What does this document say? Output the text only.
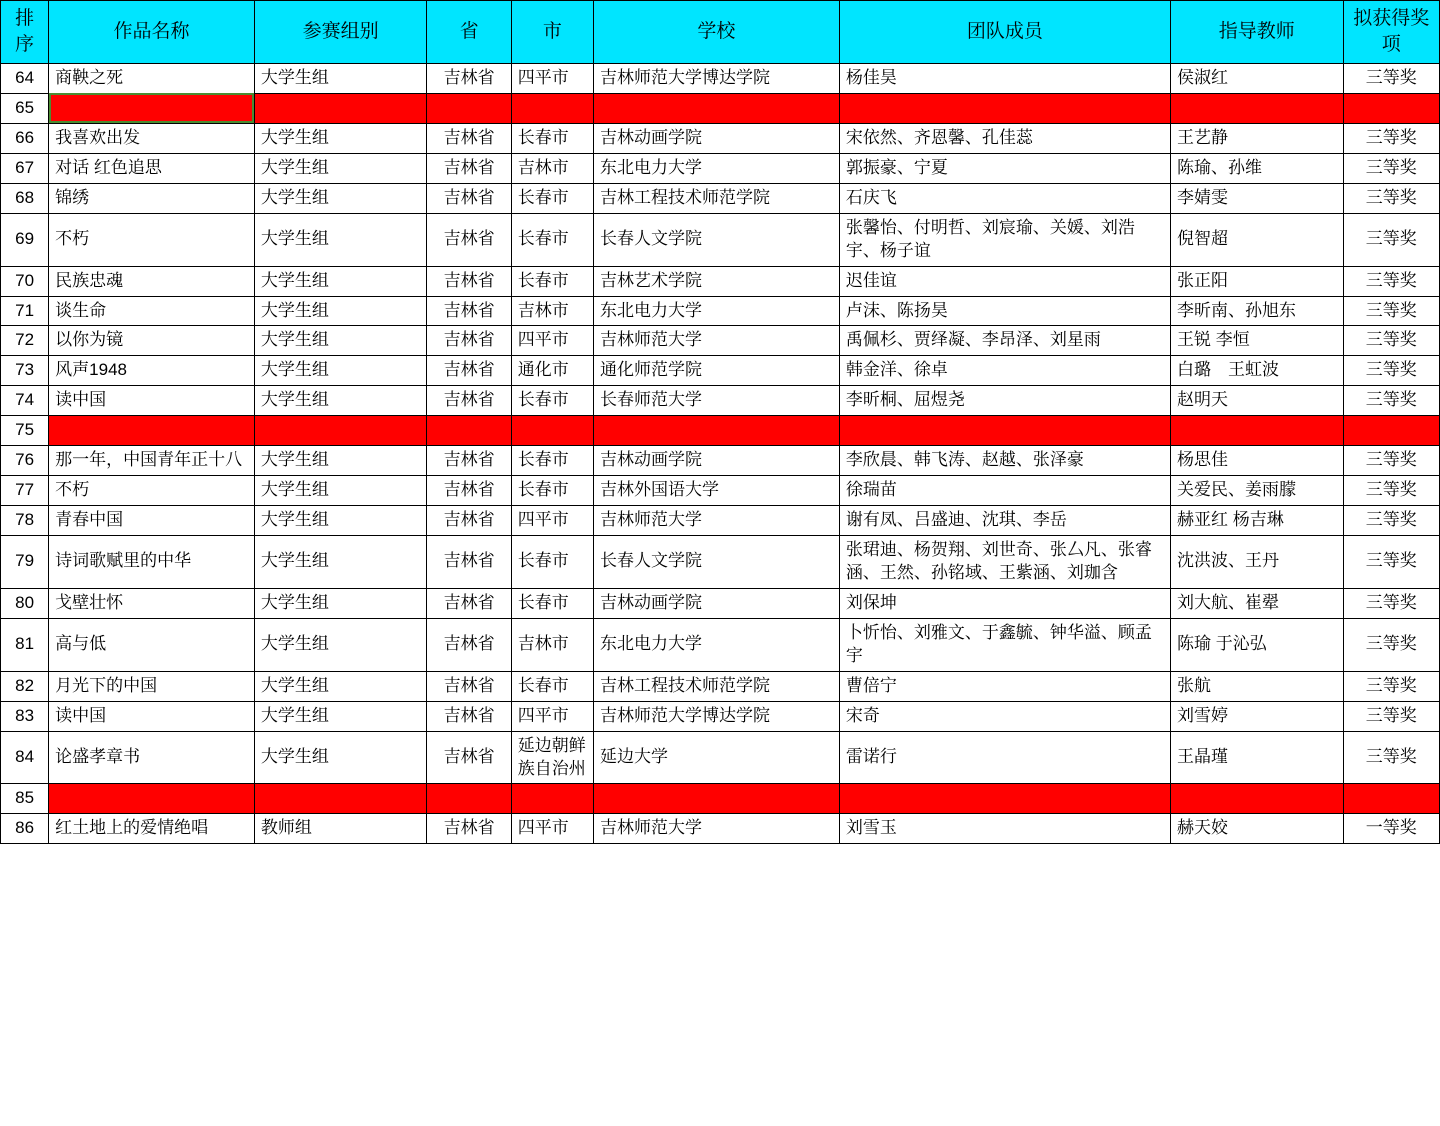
排序	作品名称	参赛组别	省	市	学校	团队成员	指导教师	拟获得奖项
64	商鞅之死	大学生组	吉林省	四平市	吉林师范大学博达学院	杨佳昊	侯淑红	三等奖
65	在欢呼的人群中	大学生组	吉林省	长春市	长春工业大学人文信息学院	王心语	李振坤、徐筱婷	三等奖
66	我喜欢出发	大学生组	吉林省	长春市	吉林动画学院	宋依然、齐恩馨、孔佳蕊	王艺静	三等奖
67	对话 红色追思	大学生组	吉林省	吉林市	东北电力大学	郭振豪、宁夏	陈瑜、孙维	三等奖
68	锦绣	大学生组	吉林省	长春市	吉林工程技术师范学院	石庆飞	李婧雯	三等奖
69	不朽	大学生组	吉林省	长春市	长春人文学院	张馨怡、付明哲、刘宸瑜、关媛、刘浩宇、杨子谊	倪智超	三等奖
70	民族忠魂	大学生组	吉林省	长春市	吉林艺术学院	迟佳谊	张正阳	三等奖
71	谈生命	大学生组	吉林省	吉林市	东北电力大学	卢沫、陈扬昊	李昕南、孙旭东	三等奖
72	以你为镜	大学生组	吉林省	四平市	吉林师范大学	禹佩杉、贾绎凝、李昂泽、刘星雨	王锐 李恒	三等奖
73	风声1948	大学生组	吉林省	通化市	通化师范学院	韩金洋、徐卓	白璐　王虹波	三等奖
74	读中国	大学生组	吉林省	长春市	长春师范大学	李昕桐、屈煜尧	赵明天	三等奖
75	青春中国	大学生组	吉林省	长春市	长春工业大学人文信息学院	王心语、符宇杰、高健博、林伟腾	李振坤、徐筱婷	三等奖
76	那一年，中国青年正十八	大学生组	吉林省	长春市	吉林动画学院	李欣晨、韩飞涛、赵越、张泽豪	杨思佳	三等奖
77	不朽	大学生组	吉林省	长春市	吉林外国语大学	徐瑞苗	关爱民、姜雨朦	三等奖
78	青春中国	大学生组	吉林省	四平市	吉林师范大学	谢有凤、吕盛迪、沈琪、李岳	赫亚红 杨吉琳	三等奖
79	诗词歌赋里的中华	大学生组	吉林省	长春市	长春人文学院	张珺迪、杨贺翔、刘世奇、张厶凡、张睿涵、王然、孙铭域、王紫涵、刘珈含	沈洪波、王丹	三等奖
80	戈壁壮怀	大学生组	吉林省	长春市	吉林动画学院	刘保坤	刘大航、崔翚	三等奖
81	高与低	大学生组	吉林省	吉林市	东北电力大学	卜忻怡、刘雅文、于鑫毓、钟华溢、顾孟宇	陈瑜 于沁弘	三等奖
82	月光下的中国	大学生组	吉林省	长春市	吉林工程技术师范学院	曹倍宁	张航	三等奖
83	读中国	大学生组	吉林省	四平市	吉林师范大学博达学院	宋奇	刘雪婷	三等奖
84	论盛孝章书	大学生组	吉林省	延边朝鲜族自治州	延边大学	雷诺行	王晶瑾	三等奖
85	党旗颂	大学生组	吉林省	长春市	长春工业大学人文信息学院	林伟腾	李振坤、庄庆华	三等奖
86	红土地上的爱情绝唱	教师组	吉林省	四平市	吉林师范大学	刘雪玉	赫天姣	一等奖
